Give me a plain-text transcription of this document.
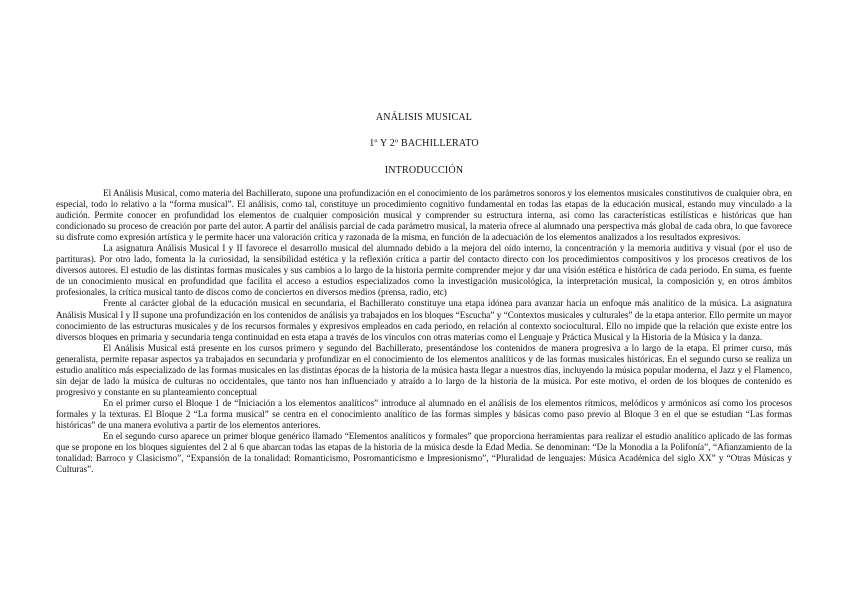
ANÁLISIS MUSICAL

1º Y 2º BACHILLERATO

INTRODUCCIÓN

El Análisis Musical, como materia del Bachillerato, supone una profundización en el conocimiento de los parámetros sonoros y los elementos musicales constitutivos de cualquier obra, en especial, todo lo relativo a la “forma musical”. El análisis, como tal, constituye un procedimiento cognitivo fundamental en todas las etapas de la educación musical, estando muy vinculado a la audición. Permite conocer en profundidad los elementos de cualquier composición musical y comprender su estructura interna, así como las características estilísticas e históricas que han condicionado su proceso de creación por parte del autor. A partir del análisis parcial de cada parámetro musical, la materia ofrece al alumnado una perspectiva más global de cada obra, lo que favorece su disfrute como expresión artística y le permite hacer una valoración crítica y razonada de la misma, en función de la adecuación de los elementos analizados a los resultados expresivos.

La asignatura Análisis Musical I y II favorece el desarrollo musical del alumnado debido a la mejora del oído interno, la concentración y la memoria auditiva y visual (por el uso de partituras). Por otro lado, fomenta la la curiosidad, la sensibilidad estética y la reflexión crítica a partir del contacto directo con los procedimientos compositivos y los procesos creativos de los diversos autores. El estudio de las distintas formas musicales y sus cambios a lo largo de la historia permite comprender mejor y dar una visión estética e histórica de cada periodo. En suma, es fuente de un conocimiento musical en profundidad que facilita el acceso a estudios especializados como la investigación musicológica, la interpretación musical, la composición y, en otros ámbitos profesionales, la crítica musical tanto de discos como de conciertos en diversos medios (prensa, radio, etc)

Frente al carácter global de la educación musical en secundaria, el Bachillerato constituye una etapa idónea para avanzar hacia un enfoque más analítico de la música. La asignatura Análisis Musical I y II supone una profundización en los contenidos de análisis ya trabajados en los bloques “Escucha” y “Contextos musicales y culturales” de la etapa anterior. Ello permite un mayor conocimiento de las estructuras musicales y de los recursos formales y expresivos empleados en cada periodo, en relación al contexto sociocultural. Ello no impide que la relación que existe entre los diversos bloques en primaria y secundaria tenga continuidad en esta etapa a través de los vínculos con otras materias como el Lenguaje y Práctica Musical y la Historia de la Música y la danza.

El Análisis Musical está presente en los cursos primero y segundo del Bachillerato, presentándose los contenidos de manera progresiva a lo largo de la etapa. El primer curso, más generalista, permite repasar aspectos ya trabajados en secundaria y profundizar en el conocimiento de los elementos analíticos y de las formas musicales históricas. En el segundo curso se realiza un estudio analítico más especializado de las formas musicales en las distintas épocas de la historia de la música hasta llegar a nuestros días, incluyendo la música popular moderna, el Jazz y el Flamenco, sin dejar de lado la música de culturas no occidentales, que tanto nos han influenciado y atraído a lo largo de la historia de la música. Por este motivo, el orden de los bloques de contenido es progresivo y constante en su planteamiento conceptual

En el primer curso el Bloque 1 de “Iniciación a los elementos analíticos” introduce al alumnado en el análisis de los elementos rítmicos, melódicos y armónicos así como los procesos formales y la texturas. El Bloque 2 “La forma musical” se centra en el conocimiento analítico de las formas simples y básicas como paso previo al Bloque 3 en el que se estudian “Las formas históricas” de una manera evolutiva a partir de los elementos anteriores.

En el segundo curso aparece un primer bloque genérico llamado “Elementos analíticos y formales” que proporciona herramientas para realizar el estudio analítico aplicado de las formas que se propone en los bloques siguientes del 2 al 6 que abarcan todas las etapas de la historia de la música desde la Edad Media. Se denominan: “De la Monodia a la Polifonía”, “Afianzamiento de la tonalidad: Barroco y Clasicismo”, “Expansión de la tonalidad: Romanticismo, Posromanticismo e Impresionismo”, “Pluralidad de lenguajes: Música Académica del siglo XX” y “Otras Músicas y Culturas”.
